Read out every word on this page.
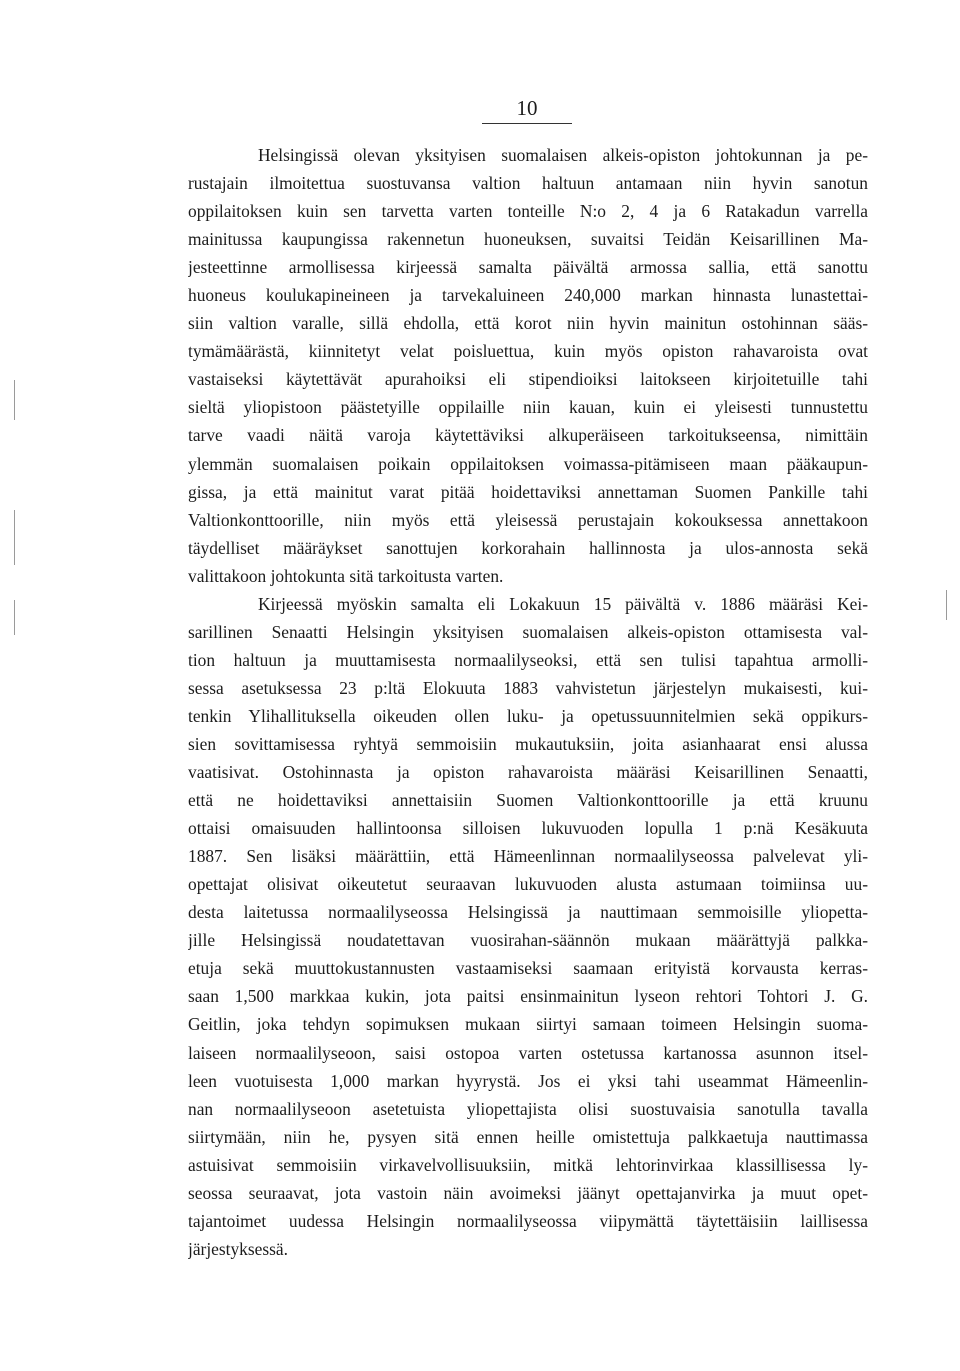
10
Helsingissä olevan yksityisen suomalaisen alkeis-opiston johtokunnan ja pe-
rustajain ilmoitettua suostuvansa valtion haltuun antamaan niin hyvin sanotun
oppilaitoksen kuin sen tarvetta varten tonteille N:o 2, 4 ja 6 Ratakadun varrella
mainitussa kaupungissa rakennetun huoneuksen, suvaitsi Teidän Keisarillinen Ma-
jesteettinne armollisessa kirjeessä samalta päivältä armossa sallia, että sanottu
huoneus koulukapineineen ja tarvekaluineen 240,000 markan hinnasta lunastettai-
siin valtion varalle, sillä ehdolla, että korot niin hyvin mainitun ostohinnan sääs-
tymämäärästä, kiinnitetyt velat poisluettua, kuin myös opiston rahavaroista ovat
vastaiseksi käytettävät apurahoiksi eli stipendioiksi laitokseen kirjoitetuille tahi
sieltä yliopistoon päästetyille oppilaille niin kauan, kuin ei yleisesti tunnustettu
tarve vaadi näitä varoja käytettäviksi alkuperäiseen tarkoitukseensa, nimittäin
ylemmän suomalaisen poikain oppilaitoksen voimassa-pitämiseen maan pääkaupun-
gissa, ja että mainitut varat pitää hoidettaviksi annettaman Suomen Pankille tahi
Valtionkonttoorille, niin myös että yleisessä perustajain kokouksessa annettakoon
täydelliset määräykset sanottujen korkorahain hallinnosta ja ulos-annosta sekä
valittakoon johtokunta sitä tarkoitusta varten.
Kirjeessä myöskin samalta eli Lokakuun 15 päivältä v. 1886 määräsi Kei-
sarillinen Senaatti Helsingin yksityisen suomalaisen alkeis-opiston ottamisesta val-
tion haltuun ja muuttamisesta normaalilyseoksi, että sen tulisi tapahtua armolli-
sessa asetuksessa 23 p:ltä Elokuuta 1883 vahvistetun järjestelyn mukaisesti, kui-
tenkin Ylihallituksella oikeuden ollen luku- ja opetussuunnitelmien sekä oppikurs-
sien sovittamisessa ryhtyä semmoisiin mukautuksiin, joita asianhaarat ensi alussa
vaatisivat. Ostohinnasta ja opiston rahavaroista määräsi Keisarillinen Senaatti,
että ne hoidettaviksi annettaisiin Suomen Valtionkonttoorille ja että kruunu
ottaisi omaisuuden hallintoonsa silloisen lukuvuoden lopulla 1 p:nä Kesäkuuta
1887. Sen lisäksi määrättiin, että Hämeenlinnan normaalilyseossa palvelevat yli-
opettajat olisivat oikeutetut seuraavan lukuvuoden alusta astumaan toimiinsa uu-
desta laitetussa normaalilyseossa Helsingissä ja nauttimaan semmoisille yliopetta-
jille Helsingissä noudatettavan vuosirahan-säännön mukaan määrättyjä palkka-
etuja sekä muuttokustannusten vastaamiseksi saamaan erityistä korvausta kerras-
saan 1,500 markkaa kukin, jota paitsi ensinmainitun lyseon rehtori Tohtori J. G.
Geitlin, joka tehdyn sopimuksen mukaan siirtyi samaan toimeen Helsingin suoma-
laiseen normaalilyseoon, saisi ostopoa varten ostetussa kartanossa asunnon itsel-
leen vuotuisesta 1,000 markan hyyrystä. Jos ei yksi tahi useammat Hämeenlin-
nan normaalilyseoon asetetuista yliopettajista olisi suostuvaisia sanotulla tavalla
siirtymään, niin he, pysyen sitä ennen heille omistettuja palkkaetuja nauttimassa
astuisivat semmoisiin virkavelvollisuuksiin, mitkä lehtorinvirkaa klassillisessa ly-
seossa seuraavat, jota vastoin näin avoimeksi jäänyt opettajanvirka ja muut opet-
tajantoimet uudessa Helsingin normaalilyseossa viipymättä täytettäisiin laillisessa
järjestyksessä.
